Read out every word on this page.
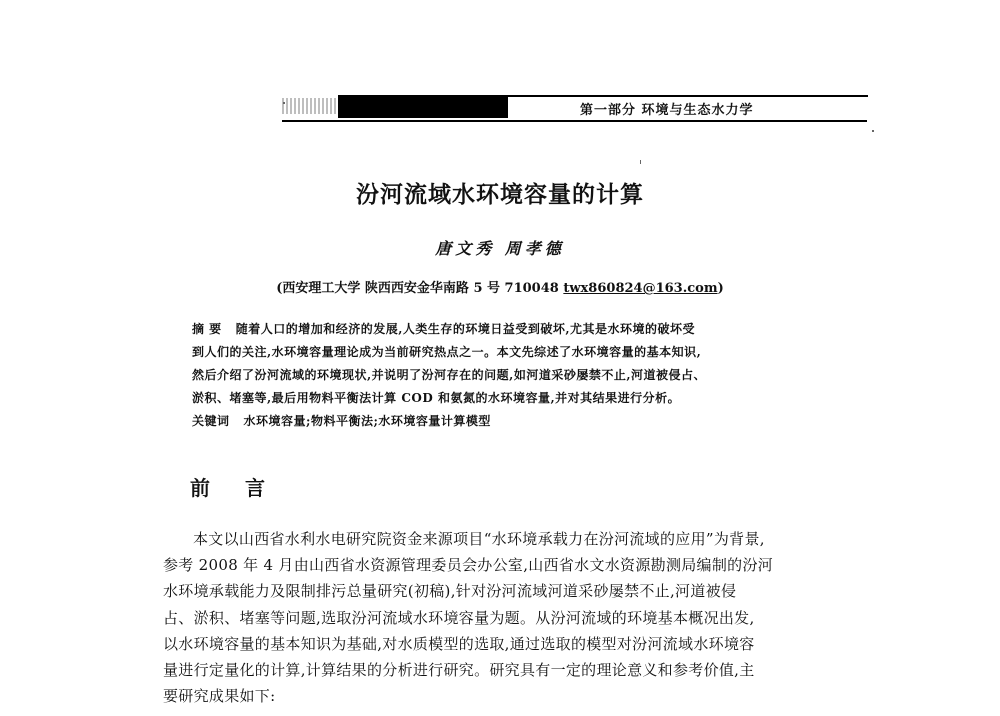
第一部分 环境与生态水力学
汾河流域水环境容量的计算
唐文秀 周孝德
(西安理工大学 陕西西安金华南路 5 号 710048 twx860824@163.com)
摘 要 随着人口的增加和经济的发展,人类生存的环境日益受到破坏,尤其是水环境的破坏受
到人们的关注,水环境容量理论成为当前研究热点之一。本文先综述了水环境容量的基本知识,
然后介绍了汾河流域的环境现状,并说明了汾河存在的问题,如河道采砂屡禁不止,河道被侵占、
淤积、堵塞等,最后用物料平衡法计算 COD 和氨氮的水环境容量,并对其结果进行分析。
关键词 水环境容量;物料平衡法;水环境容量计算模型
前 言
本文以山西省水利水电研究院资金来源项目“水环境承载力在汾河流域的应用”为背景,
参考 2008 年 4 月由山西省水资源管理委员会办公室,山西省水文水资源勘测局编制的汾河
水环境承载能力及限制排污总量研究(初稿),针对汾河流域河道采砂屡禁不止,河道被侵
占、淤积、堵塞等问题,选取汾河流域水环境容量为题。从汾河流域的环境基本概况出发,
以水环境容量的基本知识为基础,对水质模型的选取,通过选取的模型对汾河流域水环境容
量进行定量化的计算,计算结果的分析进行研究。研究具有一定的理论意义和参考价值,主
要研究成果如下:
